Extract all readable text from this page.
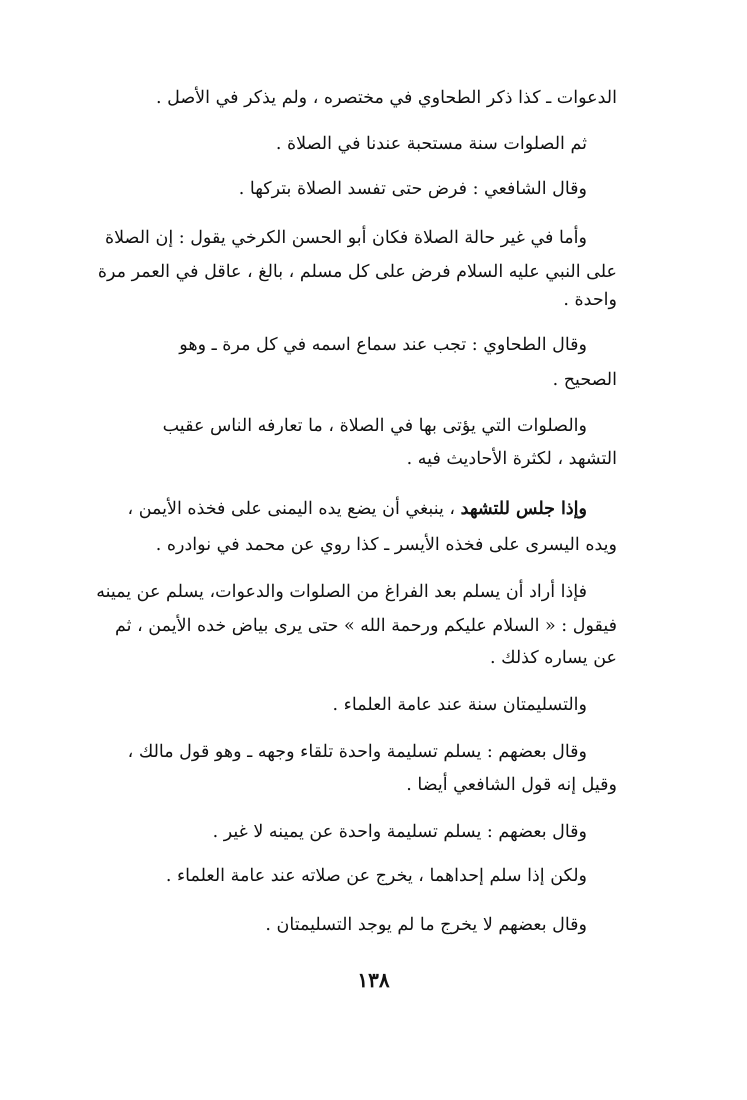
الدعوات ـ كذا ذكر الطحاوي في مختصره ، ولم يذكر في الأصل .
ثم الصلوات سنة مستحبة عندنا في الصلاة .
وقال الشافعي : فرض حتى تفسد الصلاة بتركها .
وأما في غير حالة الصلاة فكان أبو الحسن الكرخي يقول : إن الصلاة
على النبي عليه السلام فرض على كل مسلم ، بالغ ، عاقل في العمر مرة
واحدة .
وقال الطحاوي : تجب عند سماع اسمه في كل مرة ـ وهو
الصحيح .
والصلوات التي يؤتى بها في الصلاة ، ما تعارفه الناس عقيب
التشهد ، لكثرة الأحاديث فيه .
وإذا جلس للتشهد ، ينبغي أن يضع يده اليمنى على فخذه الأيمن ،
ويده اليسرى على فخذه الأيسر ـ كذا روي عن محمد في نوادره .
فإذا أراد أن يسلم بعد الفراغ من الصلوات والدعوات، يسلم عن يمينه
فيقول : « السلام عليكم ورحمة الله » حتى يرى بياض خده الأيمن ، ثم
عن يساره كذلك .
والتسليمتان سنة عند عامة العلماء .
وقال بعضهم : يسلم تسليمة واحدة تلقاء وجهه ـ وهو قول مالك ،
وقيل إنه قول الشافعي أيضا .
وقال بعضهم : يسلم تسليمة واحدة عن يمينه لا غير .
ولكن إذا سلم إحداهما ، يخرج عن صلاته عند عامة العلماء .
وقال بعضهم لا يخرج ما لم يوجد التسليمتان .
١٣٨
